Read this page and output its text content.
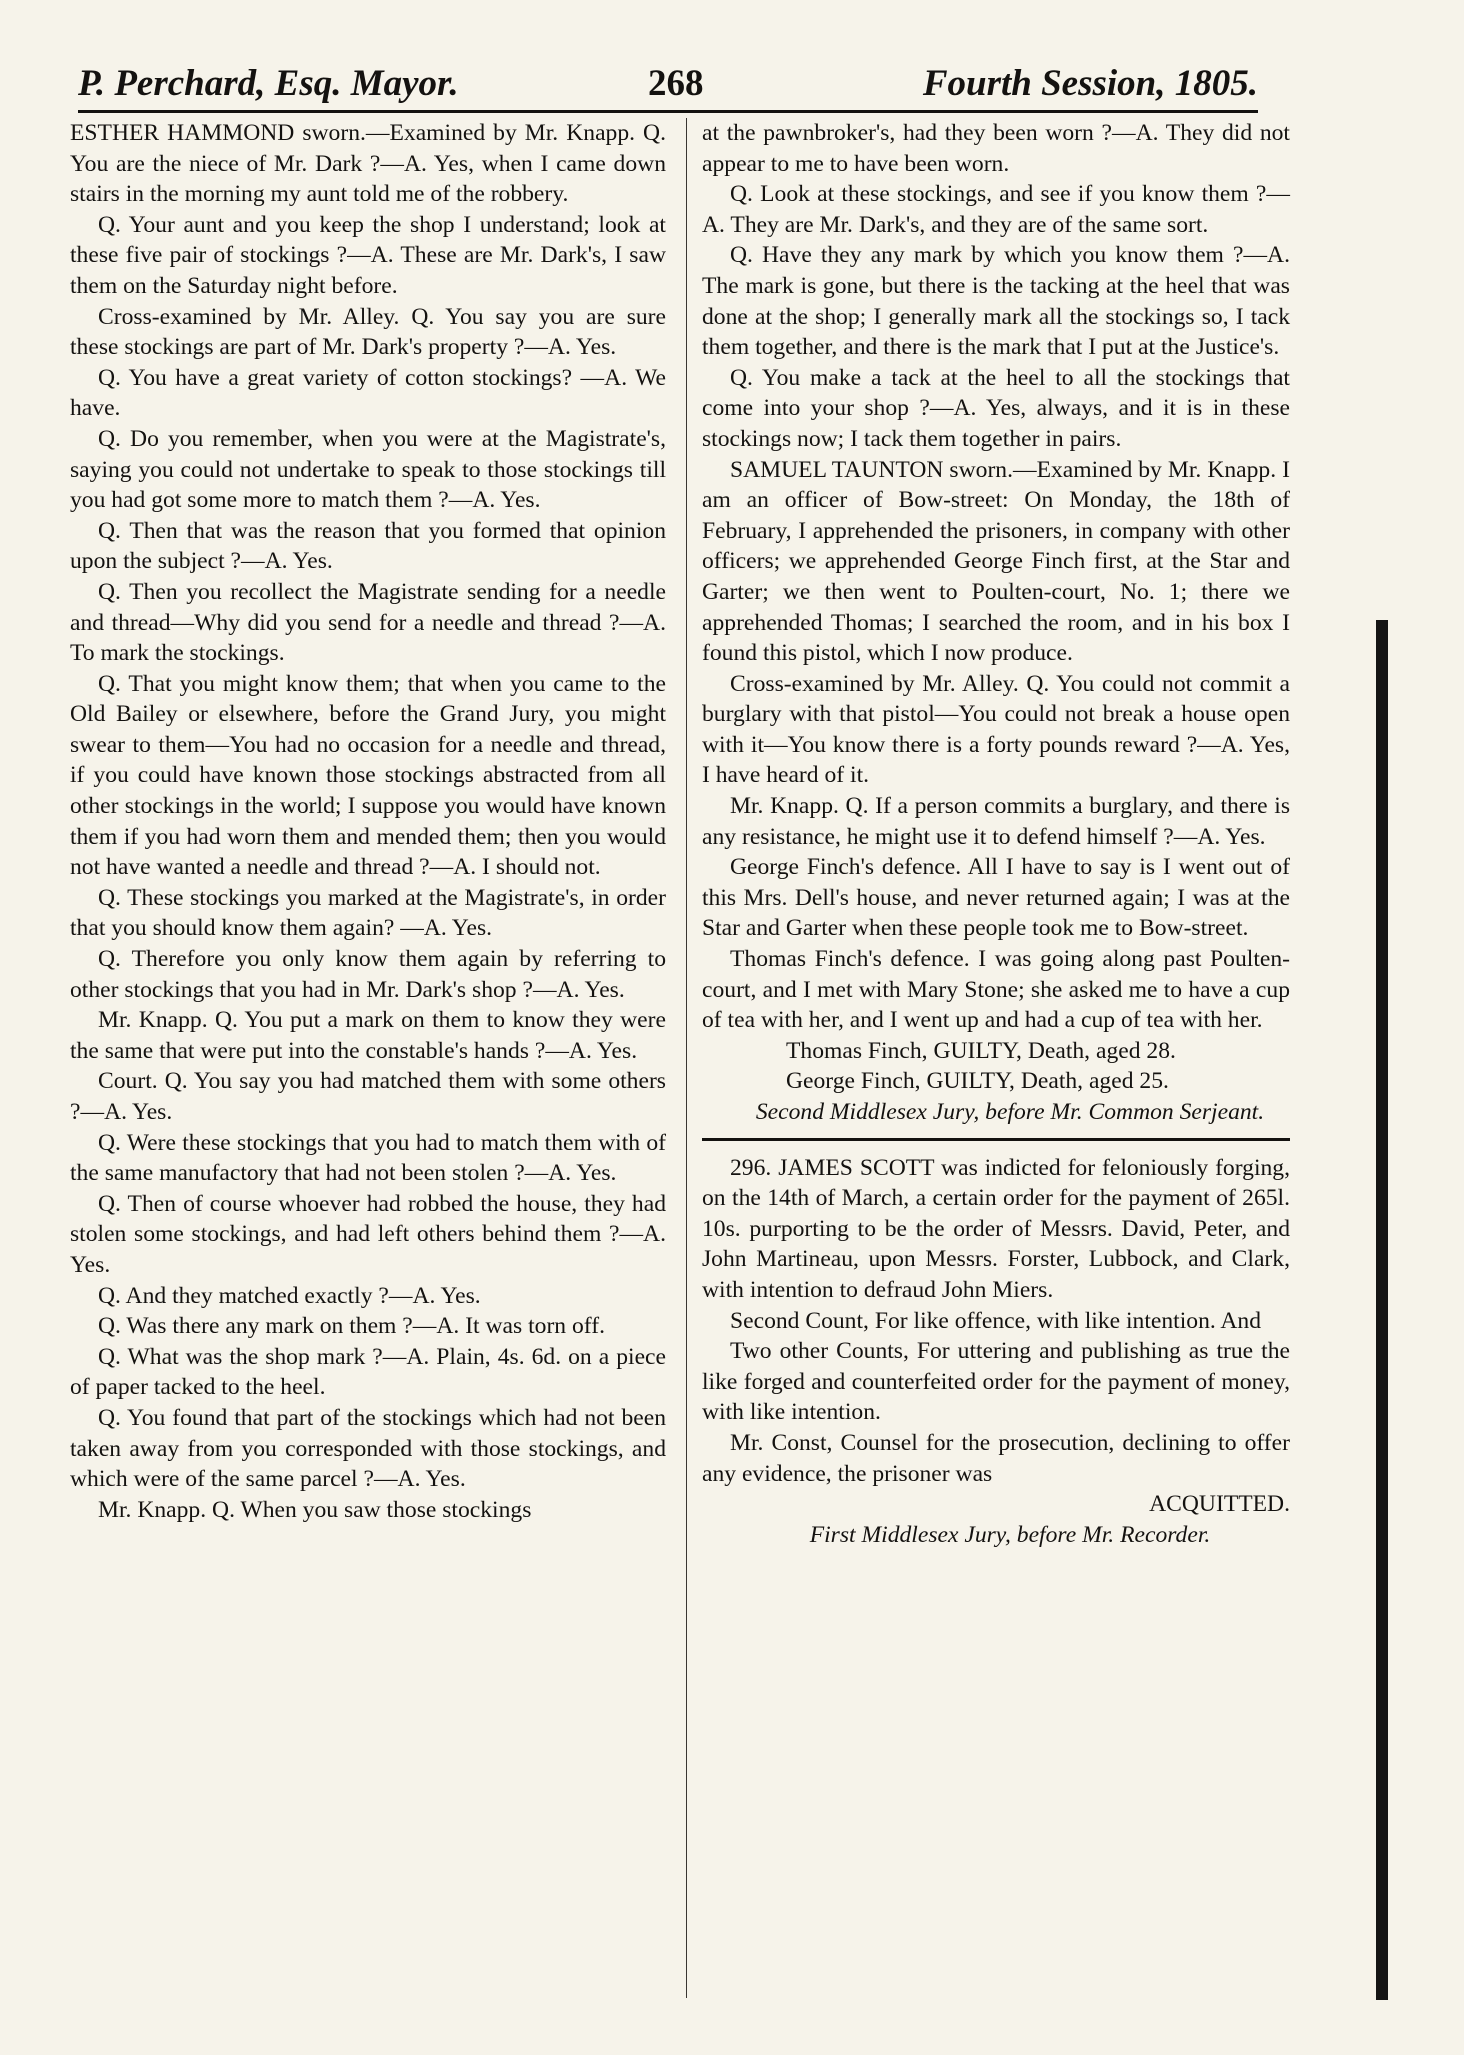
P. Perchard, Esq. Mayor.	268	Fourth Session, 1805.

ESTHER HAMMOND sworn.—Examined by Mr. Knapp. Q. You are the niece of Mr. Dark ?—A. Yes, when I came down stairs in the morning my aunt told me of the robbery.

Q. Your aunt and you keep the shop I understand; look at these five pair of stockings ?—A. These are Mr. Dark's, I saw them on the Saturday night before.

Cross-examined by Mr. Alley. Q. You say you are sure these stockings are part of Mr. Dark's property ?—A. Yes.

Q. You have a great variety of cotton stockings? —A. We have.

Q. Do you remember, when you were at the Magistrate's, saying you could not undertake to speak to those stockings till you had got some more to match them ?—A. Yes.

Q. Then that was the reason that you formed that opinion upon the subject ?—A. Yes.

Q. Then you recollect the Magistrate sending for a needle and thread—Why did you send for a needle and thread ?—A. To mark the stockings.

Q. That you might know them; that when you came to the Old Bailey or elsewhere, before the Grand Jury, you might swear to them—You had no occasion for a needle and thread, if you could have known those stockings abstracted from all other stockings in the world; I suppose you would have known them if you had worn them and mended them; then you would not have wanted a needle and thread ?—A. I should not.

Q. These stockings you marked at the Magistrate's, in order that you should know them again? —A. Yes.

Q. Therefore you only know them again by referring to other stockings that you had in Mr. Dark's shop ?—A. Yes.

Mr. Knapp. Q. You put a mark on them to know they were the same that were put into the constable's hands ?—A. Yes.

Court. Q. You say you had matched them with some others ?—A. Yes.

Q. Were these stockings that you had to match them with of the same manufactory that had not been stolen ?—A. Yes.

Q. Then of course whoever had robbed the house, they had stolen some stockings, and had left others behind them ?—A. Yes.

Q. And they matched exactly ?—A. Yes.

Q. Was there any mark on them ?—A. It was torn off.

Q. What was the shop mark ?—A. Plain, 4s. 6d. on a piece of paper tacked to the heel.

Q. You found that part of the stockings which had not been taken away from you corresponded with those stockings, and which were of the same parcel ?—A. Yes.

Mr. Knapp. Q. When you saw those stockings

at the pawnbroker's, had they been worn ?—A. They did not appear to me to have been worn.

Q. Look at these stockings, and see if you know them ?—A. They are Mr. Dark's, and they are of the same sort.

Q. Have they any mark by which you know them ?—A. The mark is gone, but there is the tacking at the heel that was done at the shop; I generally mark all the stockings so, I tack them together, and there is the mark that I put at the Justice's.

Q. You make a tack at the heel to all the stockings that come into your shop ?—A. Yes, always, and it is in these stockings now; I tack them together in pairs.

SAMUEL TAUNTON sworn.—Examined by Mr. Knapp. I am an officer of Bow-street: On Monday, the 18th of February, I apprehended the prisoners, in company with other officers; we apprehended George Finch first, at the Star and Garter; we then went to Poulten-court, No. 1; there we apprehended Thomas; I searched the room, and in his box I found this pistol, which I now produce.

Cross-examined by Mr. Alley. Q. You could not commit a burglary with that pistol—You could not break a house open with it—You know there is a forty pounds reward ?—A. Yes, I have heard of it.

Mr. Knapp. Q. If a person commits a burglary, and there is any resistance, he might use it to defend himself ?—A. Yes.

George Finch's defence. All I have to say is I went out of this Mrs. Dell's house, and never returned again; I was at the Star and Garter when these people took me to Bow-street.

Thomas Finch's defence. I was going along past Poulten-court, and I met with Mary Stone; she asked me to have a cup of tea with her, and I went up and had a cup of tea with her.

Thomas Finch, GUILTY, Death, aged 28.

George Finch, GUILTY, Death, aged 25.

Second Middlesex Jury, before Mr. Common Serjeant.

296. JAMES SCOTT was indicted for feloniously forging, on the 14th of March, a certain order for the payment of 265l. 10s. purporting to be the order of Messrs. David, Peter, and John Martineau, upon Messrs. Forster, Lubbock, and Clark, with intention to defraud John Miers.

Second Count, For like offence, with like intention. And

Two other Counts, For uttering and publishing as true the like forged and counterfeited order for the payment of money, with like intention.

Mr. Const, Counsel for the prosecution, declining to offer any evidence, the prisoner was

ACQUITTED.

First Middlesex Jury, before Mr. Recorder.
